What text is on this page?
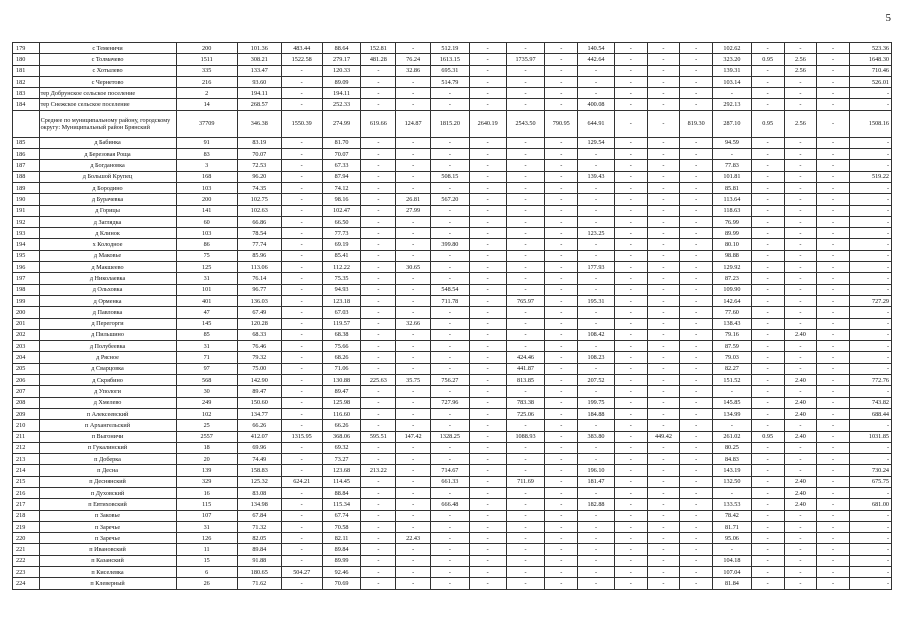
5
179	с Теменичи	200	101.36	483.44	88.64	152.81	-	512.19	-	-	-	140.54	-	-	-	102.62	-	-	-	523.36
180	с Толмачево	1511	308.21	1522.58	279.17	481.28	76.24	1613.15	-	1735.97	-	442.64	-	-	-	323.20	0.95	2.56	-	1648.30
181	с Хотылево	335	133.47	-	120.33	-	32.86	695.31	-	-	-	-	-	-	-	139.31	-	2.56	-	710.46
182	с Чернетово	216	93.60	-	89.09	-	-	514.79	-	-	-	-	-	-	-	103.14	-	-	-	526.01
183	тер Добрунское сельское поселение	2	194.11	-	194.11	-	-	-	-	-	-	-	-	-	-	-	-	-	-	-
184	тер Снежское сельское поселение	14	268.57	-	252.33	-	-	-	-	-	-	400.08	-	-	-	292.13	-	-	-	-
	Среднее по муниципальному району, городскому округу: Муниципальный район Брянский	37709	346.38	1550.39	274.99	619.66	124.87	1815.20	2640.19	2543.50	790.95	644.91	-	-	819.30	287.10	0.95	2.56	-	1508.16
185	д Бабинка	91	83.19	-	81.70	-	-	-	-	-	-	129.54	-	-	-	94.59	-	-	-	-
186	д Березовая Роща	83	70.07	-	70.07	-	-	-	-	-	-	-	-	-	-	-	-	-	-	-
187	д Богдановка	3	72.53	-	67.33	-	-	-	-	-	-	-	-	-	-	77.83	-	-	-	-
188	д Большой Крупец	168	96.20	-	87.94	-	-	508.15	-	-	-	139.43	-	-	-	101.81	-	-	-	519.22
189	д Бородино	103	74.35	-	74.12	-	-	-	-	-	-	-	-	-	-	85.81	-	-	-	-
190	д Бурачевка	200	102.75	-	98.16	-	26.81	567.20	-	-	-	-	-	-	-	113.64	-	-	-	-
191	д Горицы	141	102.63	-	102.47	-	27.99	-	-	-	-	-	-	-	-	118.63	-	-	-	-
192	д Заглядка	60	66.86	-	66.50	-	-	-	-	-	-	-	-	-	-	76.99	-	-	-	-
193	д Клинок	103	78.54	-	77.73	-	-	-	-	-	-	123.25	-	-	-	89.99	-	-	-	-
194	х Колодное	86	77.74	-	69.19	-	-	399.80	-	-	-	-	-	-	-	80.10	-	-	-	-
195	д Маковье	75	85.96	-	85.41	-	-	-	-	-	-	-	-	-	-	98.88	-	-	-	-
196	д Макшеево	125	113.06	-	112.22	-	30.65	-	-	-	-	177.93	-	-	-	129.92	-	-	-	-
197	д Николаевка	31	76.14	-	75.35	-	-	-	-	-	-	-	-	-	-	87.23	-	-	-	-
198	д Ольховка	101	96.77	-	94.93	-	-	548.54	-	-	-	-	-	-	-	109.90	-	-	-	-
199	д Орменка	401	136.03	-	123.18	-	-	711.78	-	765.97	-	195.31	-	-	-	142.64	-	-	-	727.29
200	д Павловка	47	67.49	-	67.03	-	-	-	-	-	-	-	-	-	-	77.60	-	-	-	-
201	д Перегорги	145	120.28	-	119.57	-	32.66	-	-	-	-	-	-	-	-	138.43	-	-	-	-
202	д Пильшино	85	68.33	-	68.38	-	-	-	-	-	-	108.42	-	-	-	79.16	-	2.40	-	-
203	д Полубеевка	31	76.46	-	75.66	-	-	-	-	-	-	-	-	-	-	87.59	-	-	-	-
204	д Рясное	71	79.32	-	68.26	-	-	-	-	424.46	-	108.23	-	-	-	79.03	-	-	-	-
205	д Сварцовка	97	75.00	-	71.06	-	-	-	-	441.87	-	-	-	-	-	82.27	-	-	-	-
206	д Скрябино	568	142.90	-	130.88	225.63	35.75	756.27	-	813.85	-	207.52	-	-	-	151.52	-	2.40	-	772.76
207	д Упологи	30	89.47	-	89.47	-	-	-	-	-	-	-	-	-	-	-	-	-	-	-
208	д Хмелево	249	150.60	-	125.98	-	-	727.96	-	783.38	-	199.75	-	-	-	145.85	-	2.40	-	743.82
209	п Алексеевский	102	134.77	-	116.60	-	-	-	-	725.06	-	184.88	-	-	-	134.99	-	2.40	-	688.44
210	п Архангельский	25	66.26	-	66.26	-	-	-	-	-	-	-	-	-	-	-	-	-	-	-
211	п Выгоничи	2557	412.07	1315.95	368.06	595.51	147.42	1328.25	-	1088.93	-	383.80	-	449.42	-	261.02	0.95	2.40	-	1031.85
212	п Гукалинский	18	69.96	-	69.32	-	-	-	-	-	-	-	-	-	-	80.25	-	-	-	-
213	п Доберка	20	74.49	-	73.27	-	-	-	-	-	-	-	-	-	-	84.83	-	-	-	-
214	п Десна	139	158.83	-	123.68	213.22	-	714.67	-	-	-	196.10	-	-	-	143.19	-	-	-	730.24
215	п Деснянский	329	125.32	624.21	114.45	-	-	661.33	-	711.69	-	181.47	-	-	-	132.50	-	2.40	-	675.75
216	п Духовский	16	83.08	-	88.84	-	-	-	-	-	-	-	-	-	-	-	-	2.40	-	-
217	п Евтиховский	115	134.98	-	115.34	-	-	666.48	-	-	-	182.88	-	-	-	133.53	-	2.40	-	681.00
218	п Заковье	107	67.84	-	67.74	-	-	-	-	-	-	-	-	-	-	78.42	-	-	-	-
219	п Заречье	31	71.32	-	70.58	-	-	-	-	-	-	-	-	-	-	81.71	-	-	-	-
220	п Заречье	126	82.05	-	82.11	-	22.43	-	-	-	-	-	-	-	-	95.06	-	-	-	-
221	п Ивановский	11	89.84	-	89.84	-	-	-	-	-	-	-	-	-	-	-	-	-	-	-
222	п Казанский	15	91.88	-	89.99	-	-	-	-	-	-	-	-	-	-	104.18	-	-	-	-
223	п Киселевка	6	180.65	504.27	92.46	-	-	-	-	-	-	-	-	-	-	107.04	-	-	-	-
224	п Клеверный	26	71.62	-	70.69	-	-	-	-	-	-	-	-	-	-	81.84	-	-	-	-
